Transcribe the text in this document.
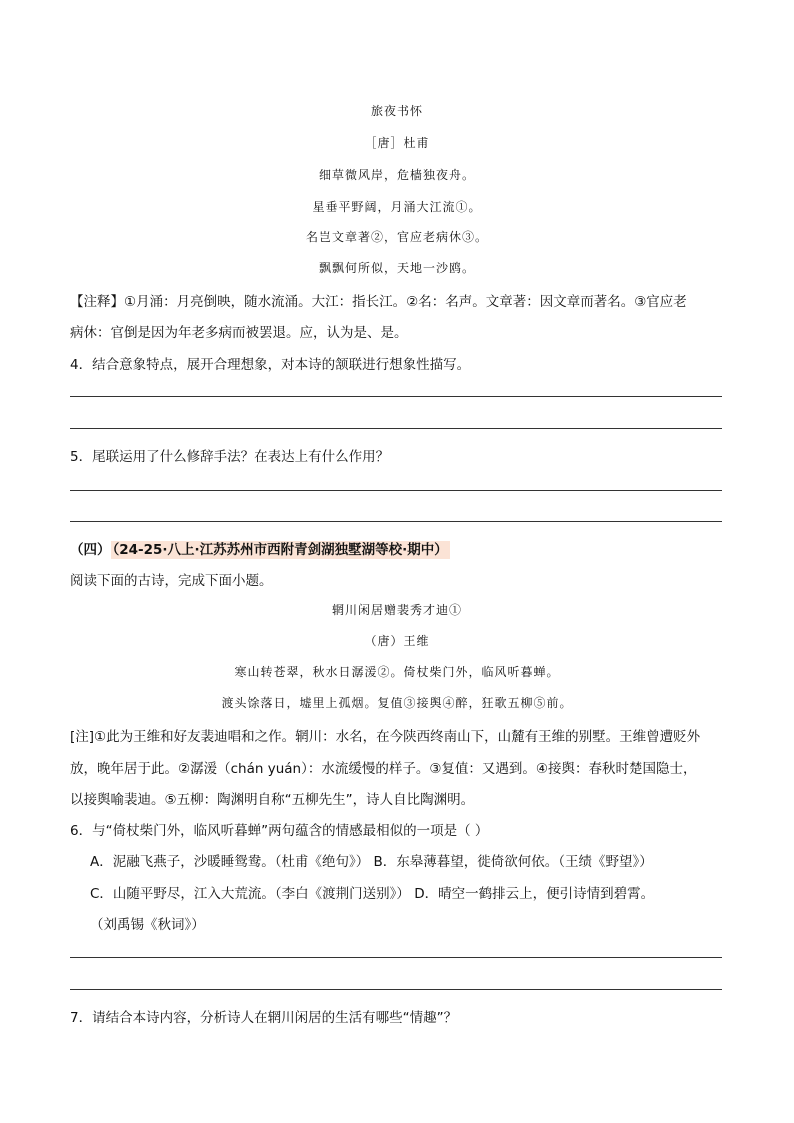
旅夜书怀
［唐］杜甫
细草微风岸，危樯独夜舟。
星垂平野阔，月涌大江流①。
名岂文章著②，官应老病休③。
飘飘何所似，天地一沙鸥。
【注释】①月涌：月亮倒映，随水流涌。大江：指长江。②名：名声。文章著：因文章而著名。③官应老
病休：官倒是因为年老多病而被罢退。应，认为是、是。
4．结合意象特点，展开合理想象，对本诗的颔联进行想象性描写。
5．尾联运用了什么修辞手法？在表达上有什么作用？
（四） （24-25·八上·江苏苏州市西附青剑湖独墅湖等校·期中）
阅读下面的古诗，完成下面小题。
辋川闲居赠裴秀才迪①
（唐）王维
寒山转苍翠，秋水日潺湲②。倚杖柴门外，临风听暮蝉。
渡头馀落日，墟里上孤烟。复值③接舆④醉，狂歌五柳⑤前。
[注]①此为王维和好友裴迪唱和之作。辋川：水名，在今陕西终南山下，山麓有王维的别墅。王维曾遭贬外
放，晚年居于此。②潺湲（chán yuán）：水流缓慢的样子。③复值：又遇到。④接舆：春秋时楚国隐士，
以接舆喻裴迪。⑤五柳：陶渊明自称“五柳先生”，诗人自比陶渊明。
6．与“倚杖柴门外，临风听暮蝉”两句蕴含的情感最相似的一项是（ ）
A．泥融飞燕子，沙暖睡鸳鸯。（杜甫《绝句》） B．东皋薄暮望，徙倚欲何依。（王绩《野望》）
C．山随平野尽，江入大荒流。（李白《渡荆门送别》） D．晴空一鹤排云上，便引诗情到碧霄。
（刘禹锡《秋词》）
7．请结合本诗内容，分析诗人在辋川闲居的生活有哪些“情趣”？
